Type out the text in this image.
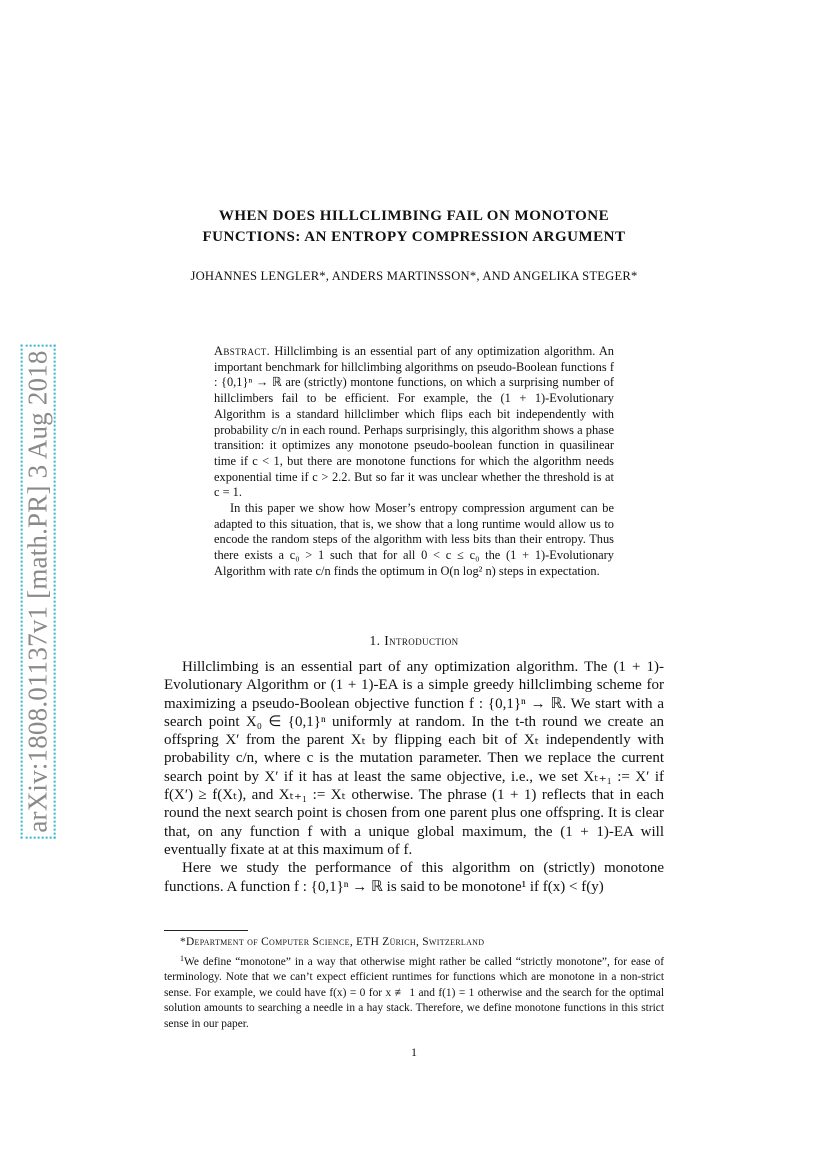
arXiv:1808.01137v1 [math.PR] 3 Aug 2018
WHEN DOES HILLCLIMBING FAIL ON MONOTONE
FUNCTIONS: AN ENTROPY COMPRESSION ARGUMENT
JOHANNES LENGLER*, ANDERS MARTINSSON*, AND ANGELIKA STEGER*

Abstract. Hillclimbing is an essential part of any optimization algorithm. An important benchmark for hillclimbing algorithms on pseudo-Boolean functions f : {0,1}ⁿ → ℝ are (strictly) montone functions, on which a surprising number of hillclimbers fail to be efficient. For example, the (1 + 1)-Evolutionary Algorithm is a standard hillclimber which flips each bit independently with probability c/n in each round. Perhaps surprisingly, this algorithm shows a phase transition: it optimizes any monotone pseudo-boolean function in quasilinear time if c < 1, but there are monotone functions for which the algorithm needs exponential time if c > 2.2. But so far it was unclear whether the threshold is at c = 1.

In this paper we show how Moser’s entropy compression argument can be adapted to this situation, that is, we show that a long runtime would allow us to encode the random steps of the algorithm with less bits than their entropy. Thus there exists a c₀ > 1 such that for all 0 < c ≤ c₀ the (1 + 1)-Evolutionary Algorithm with rate c/n finds the optimum in O(n log² n) steps in expectation.

1. Introduction

Hillclimbing is an essential part of any optimization algorithm. The (1 + 1)-Evolutionary Algorithm or (1 + 1)-EA is a simple greedy hillclimbing scheme for maximizing a pseudo-Boolean objective function f : {0,1}ⁿ → ℝ. We start with a search point X₀ ∈ {0,1}ⁿ uniformly at random. In the t-th round we create an offspring X′ from the parent Xₜ by flipping each bit of Xₜ independently with probability c/n, where c is the mutation parameter. Then we replace the current search point by X′ if it has at least the same objective, i.e., we set Xₜ₊₁ := X′ if f(X′) ≥ f(Xₜ), and Xₜ₊₁ := Xₜ otherwise. The phrase (1 + 1) reflects that in each round the next search point is chosen from one parent plus one offspring. It is clear that, on any function f with a unique global maximum, the (1 + 1)-EA will eventually fixate at at this maximum of f.

Here we study the performance of this algorithm on (strictly) monotone functions. A function f : {0,1}ⁿ → ℝ is said to be monotone¹ if f(x) < f(y)

*Department of Computer Science, ETH Zürich, Switzerland

$^1$We define “monotone” in a way that otherwise might rather be called “strictly monotone”, for ease of terminology. Note that we can’t expect efficient runtimes for functions which are monotone in a non-strict sense. For example, we could have f(x) = 0 for x ≢ 1 and f(1) = 1 otherwise and the search for the optimal solution amounts to searching a needle in a hay stack. Therefore, we define monotone functions in this strict sense in our paper.

1
